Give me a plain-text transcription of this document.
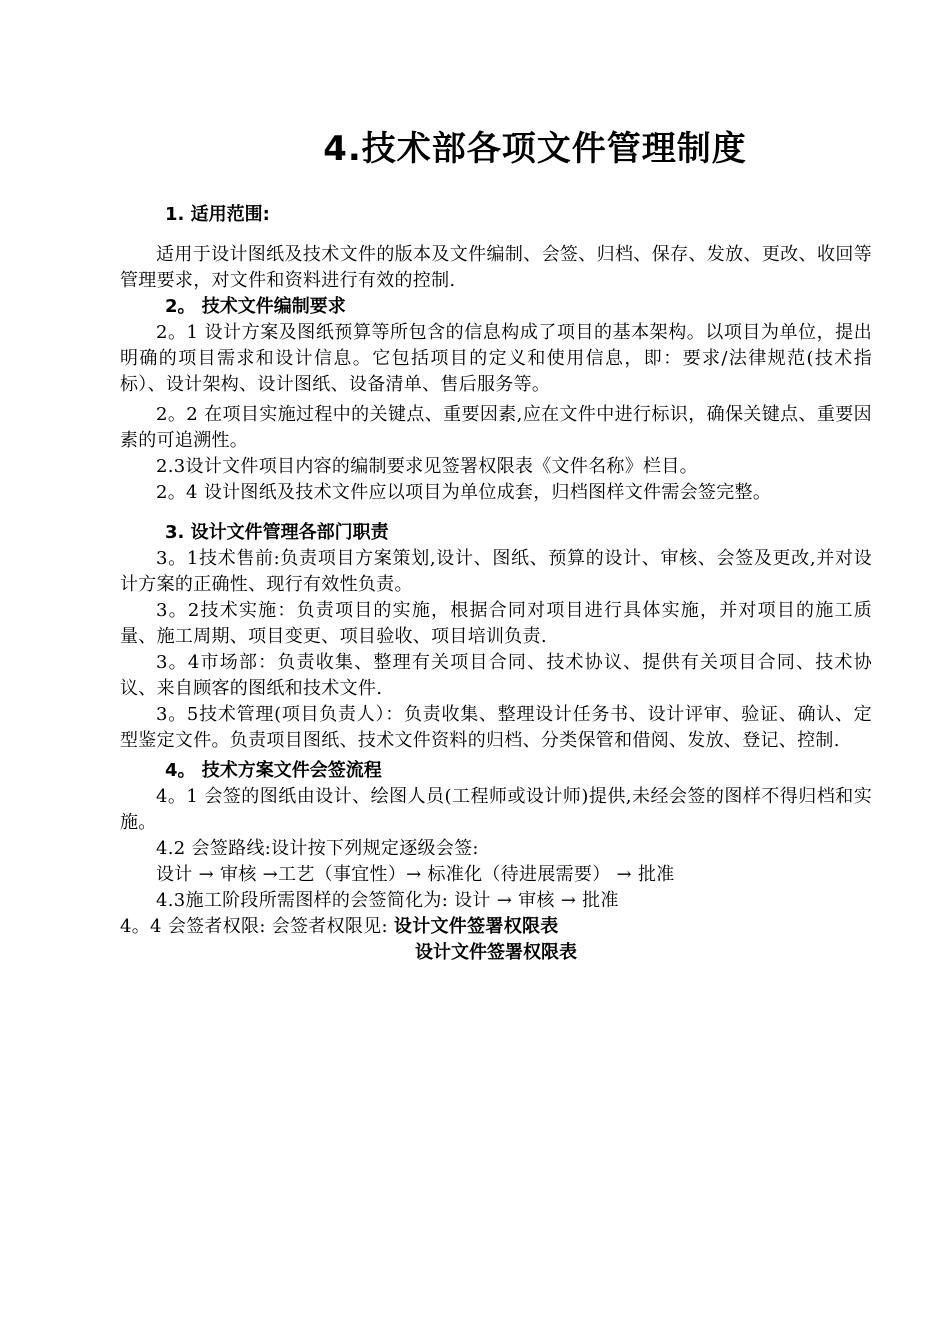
4.技术部各项文件管理制度

1. 适用范围:

适用于设计图纸及技术文件的版本及文件编制、会签、归档、保存、发放、更改、收回等管理要求，对文件和资料进行有效的控制.

2。 技术文件编制要求

2。1 设计方案及图纸预算等所包含的信息构成了项目的基本架构。以项目为单位，提出明确的项目需求和设计信息。它包括项目的定义和使用信息，即：要求/法律规范(技术指标）、设计架构、设计图纸、设备清单、售后服务等。

2。2 在项目实施过程中的关键点、重要因素,应在文件中进行标识，确保关键点、重要因素的可追溯性。

2.3设计文件项目内容的编制要求见签署权限表《文件名称》栏目。

2。4 设计图纸及技术文件应以项目为单位成套，归档图样文件需会签完整。

3. 设计文件管理各部门职责

3。1技术售前:负责项目方案策划,设计、图纸、预算的设计、审核、会签及更改,并对设计方案的正确性、现行有效性负责。

3。2技术实施：负责项目的实施，根据合同对项目进行具体实施，并对项目的施工质量、施工周期、项目变更、项目验收、项目培训负责.

3。4市场部：负责收集、整理有关项目合同、技术协议、提供有关项目合同、技术协议、来自顾客的图纸和技术文件.

3。5技术管理(项目负责人）：负责收集、整理设计任务书、设计评审、验证、确认、定型鉴定文件。负责项目图纸、技术文件资料的归档、分类保管和借阅、发放、登记、控制.

4。 技术方案文件会签流程

4。1 会签的图纸由设计、绘图人员(工程师或设计师)提供,未经会签的图样不得归档和实施。

4.2 会签路线:设计按下列规定逐级会签:

设计 → 审核 →工艺（事宜性）→ 标准化（待进展需要） → 批准

4.3施工阶段所需图样的会签简化为: 设计 → 审核 → 批准

4。4 会签者权限: 会签者权限见: 设计文件签署权限表

设计文件签署权限表
